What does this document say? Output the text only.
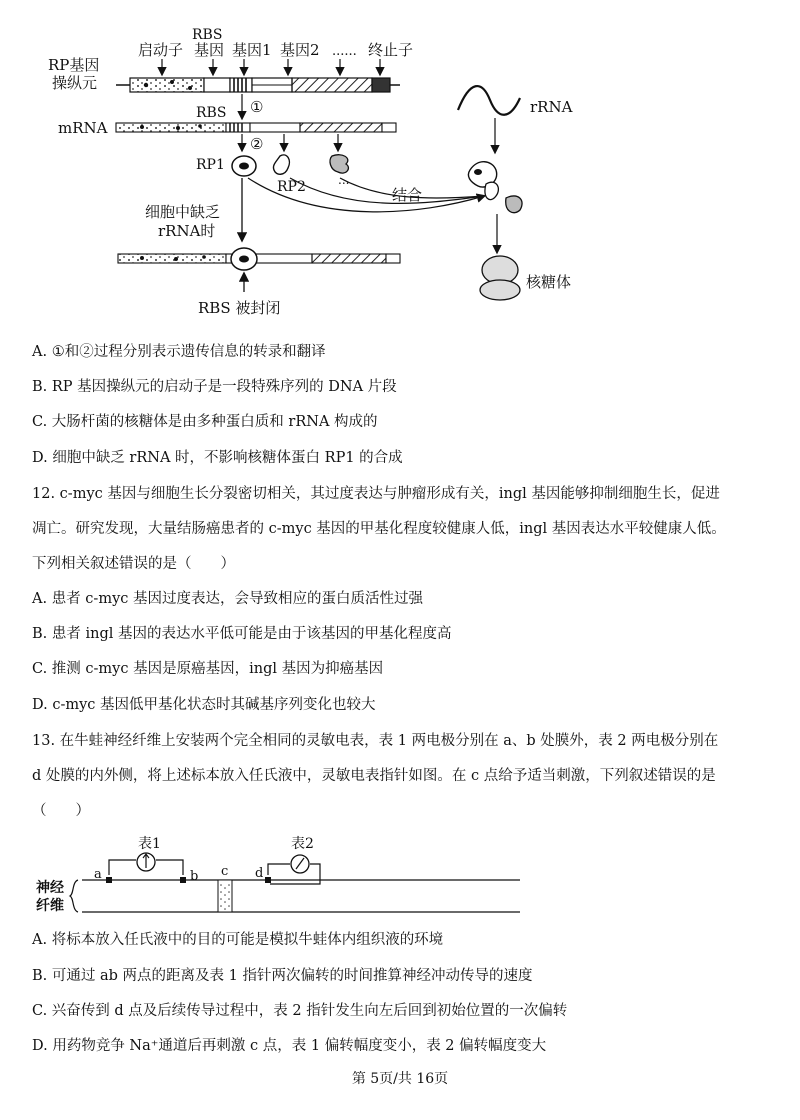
RBS
启动子 基因 基因1 基因2 ...... 终止子
RP基因
操纵元
RBS ①
mRNA
②
RP1
RP2	...
结合
细胞中缺乏
rRNA时
RBS 被封闭
rRNA
核糖体
A. ①和②过程分别表示遗传信息的转录和翻译
B. RP 基因操纵元的启动子是一段特殊序列的 DNA 片段
C. 大肠杆菌的核糖体是由多种蛋白质和 rRNA 构成的
D. 细胞中缺乏 rRNA 时，不影响核糖体蛋白 RP1 的合成
12. c-myc 基因与细胞生长分裂密切相关，其过度表达与肿瘤形成有关，ingl 基因能够抑制细胞生长，促进
凋亡。研究发现，大量结肠癌患者的 c-myc 基因的甲基化程度较健康人低，ingl 基因表达水平较健康人低。
下列相关叙述错误的是（　　）
A. 患者 c-myc 基因过度表达，会导致相应的蛋白质活性过强
B. 患者 ingl 基因的表达水平低可能是由于该基因的甲基化程度高
C. 推测 c-myc 基因是原癌基因，ingl 基因为抑癌基因
D. c-myc 基因低甲基化状态时其碱基序列变化也较大
13. 在牛蛙神经纤维上安装两个完全相同的灵敏电表，表 1 两电极分别在 a、b 处膜外，表 2 两电极分别在
d 处膜的内外侧，将上述标本放入任氏液中，灵敏电表指针如图。在 c 点给予适当刺激，下列叙述错误的是
（　　）
表1	表2
a	b c d
神经
纤维
A. 将标本放入任氏液中的目的可能是模拟牛蛙体内组织液的环境
B. 可通过 ab 两点的距离及表 1 指针两次偏转的时间推算神经冲动传导的速度
C. 兴奋传到 d 点及后续传导过程中，表 2 指针发生向左后回到初始位置的一次偏转
D. 用药物竞争 Na⁺通道后再刺激 c 点，表 1 偏转幅度变小，表 2 偏转幅度变大
第 5页/共 16页
